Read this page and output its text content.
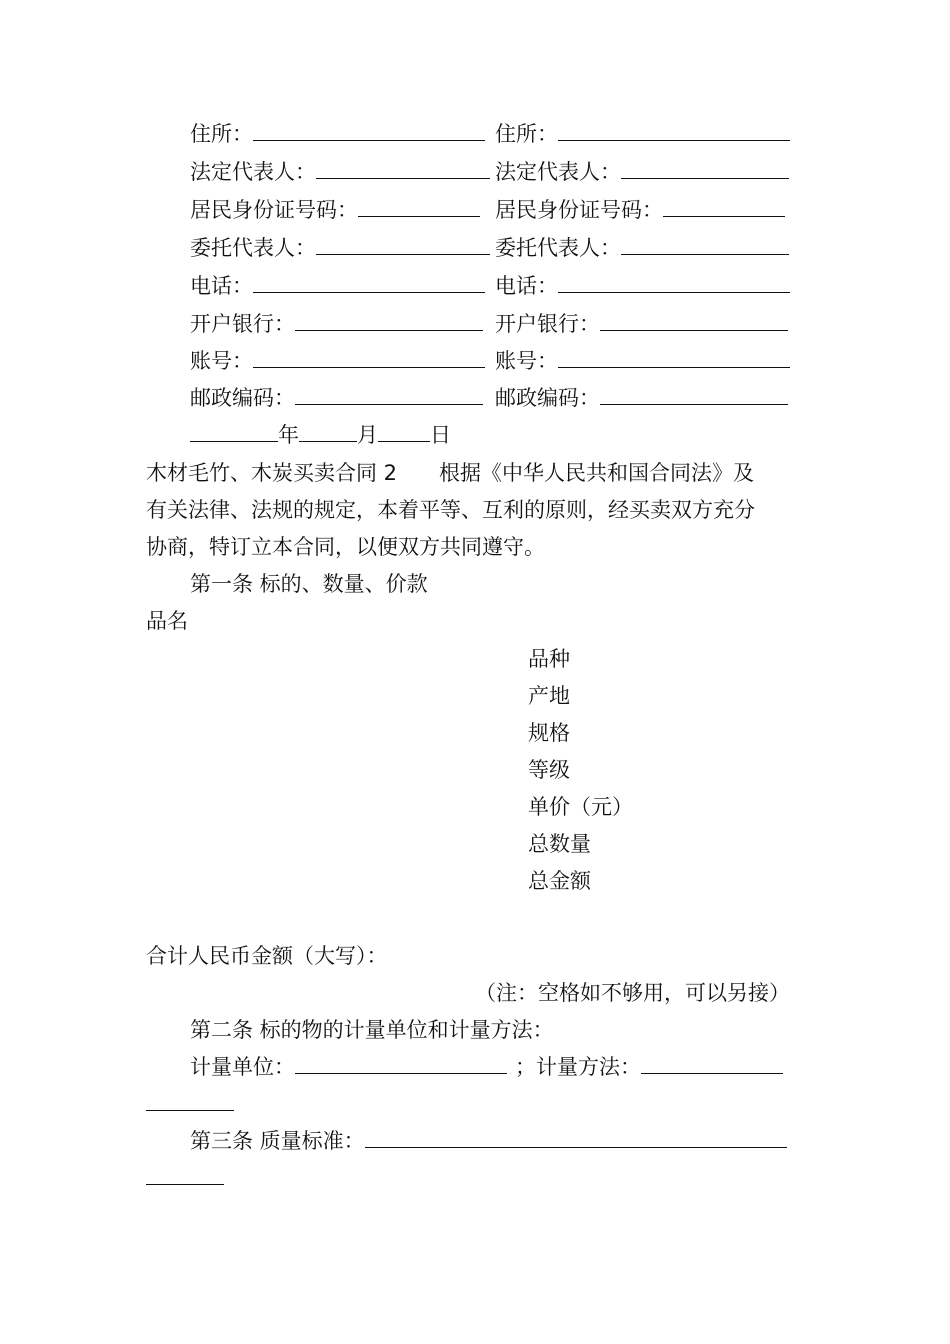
住所：	住所：
法定代表人：	法定代表人：
居民身份证号码：	居民身份证号码：
委托代表人：	委托代表人：
电话：	电话：
开户银行：	开户银行：
账号：	账号：
邮政编码：	邮政编码：
年	月 日
木材毛竹、木炭买卖合同 2　　根据《中华人民共和国合同法》及
有关法律、法规的规定，本着平等、互利的原则，经买卖双方充分
协商，特订立本合同，以便双方共同遵守。
第一条 标的、数量、价款
品名
品种
产地
规格
等级
单价（元）
总数量
总金额
合计人民币金额（大写）：
（注：空格如不够用，可以另接）
第二条 标的物的计量单位和计量方法：
计量单位：	；计量方法：
第三条 质量标准：
